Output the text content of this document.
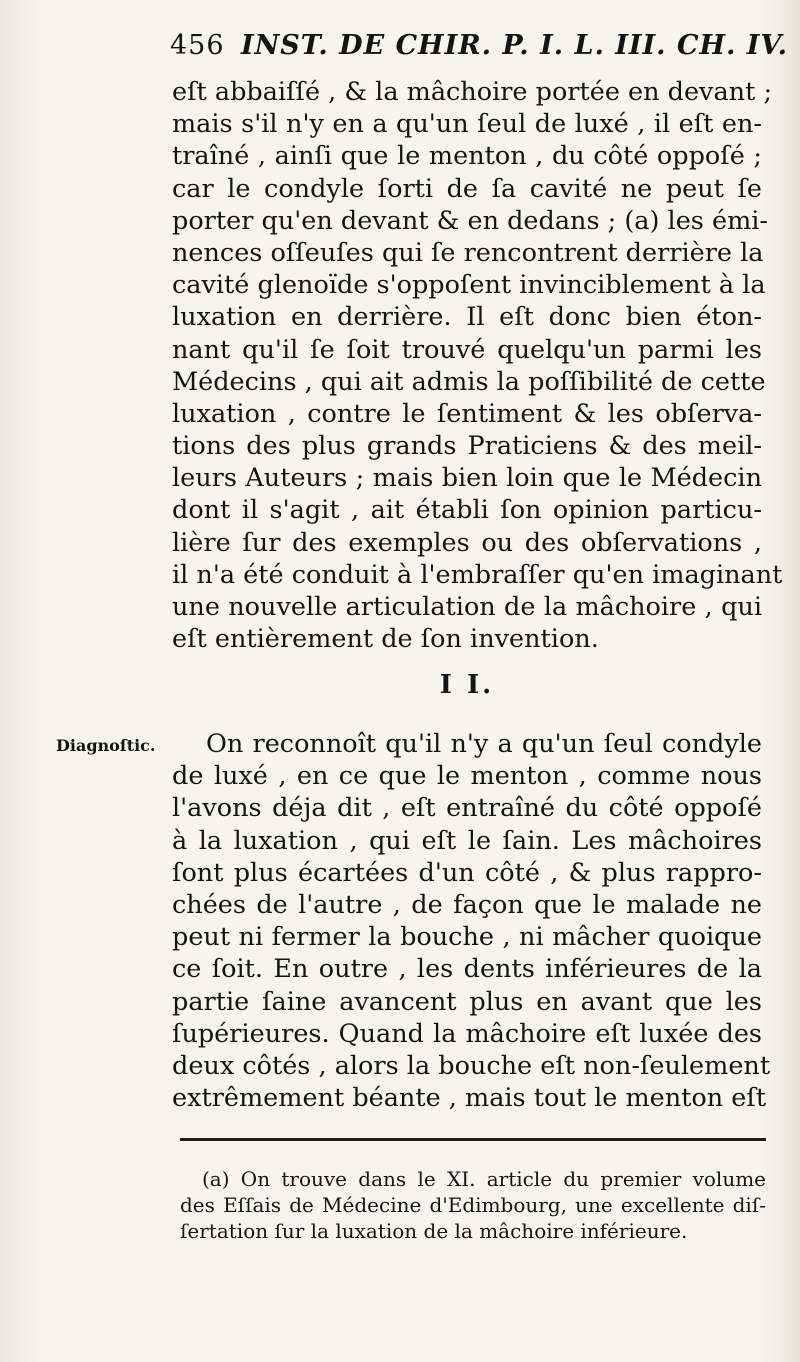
456 INST. DE CHIR. P. I. L. III. CH. IV.
eſt abbaiſſé , & la mâchoire portée en devant ;
mais s'il n'y en a qu'un ſeul de luxé , il eſt en-
traîné , ainſi que le menton , du côté oppoſé ;
car le condyle ſorti de ſa cavité ne peut ſe
porter qu'en devant & en dedans ; (a) les émi-
nences oſſeuſes qui ſe rencontrent derrière la
cavité glenoïde s'oppoſent invinciblement à la
luxation en derrière. Il eſt donc bien éton-
nant qu'il ſe ſoit trouvé quelqu'un parmi les
Médecins , qui ait admis la poſſibilité de cette
luxation , contre le ſentiment & les obſerva-
tions des plus grands Praticiens & des meil-
leurs Auteurs ; mais bien loin que le Médecin
dont il s'agit , ait établi ſon opinion particu-
lière ſur des exemples ou des obſervations ,
il n'a été conduit à l'embraſſer qu'en imaginant
une nouvelle articulation de la mâchoire , qui
eſt entièrement de ſon invention.
I I.
Diagnoſtic.	On reconnoît qu'il n'y a qu'un ſeul condyle
de luxé , en ce que le menton , comme nous
l'avons déja dit , eſt entraîné du côté oppoſé
à la luxation , qui eſt le ſain. Les mâchoires
ſont plus écartées d'un côté , & plus rappro-
chées de l'autre , de façon que le malade ne
peut ni fermer la bouche , ni mâcher quoique
ce ſoit. En outre , les dents inférieures de la
partie ſaine avancent plus en avant que les
ſupérieures. Quand la mâchoire eſt luxée des
deux côtés , alors la bouche eſt non-ſeulement
extrêmement béante , mais tout le menton eſt
(a) On trouve dans le XI. article du premier volume
des Eſſais de Médecine d'Edimbourg, une excellente diſ-
ſertation ſur la luxation de la mâchoire inférieure.
